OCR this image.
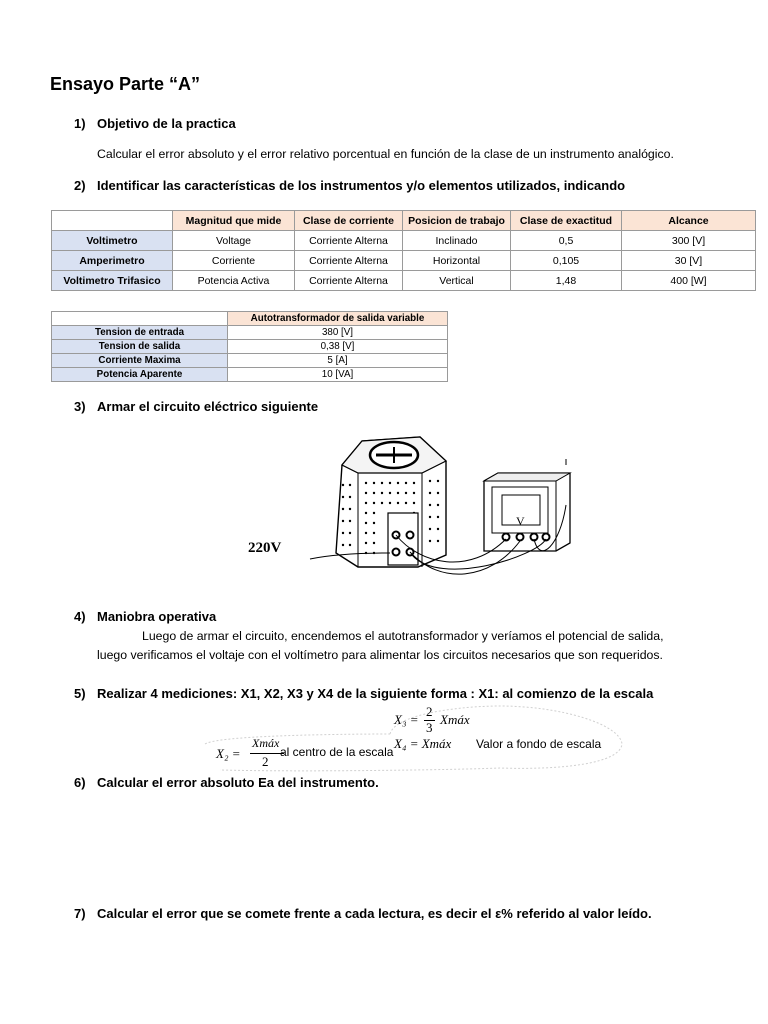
Ensayo Parte “A”
1) Objetivo de la practica
Calcular el error absoluto y el error relativo porcentual en función de la clase de un instrumento analógico.
2) Identificar las características de los instrumentos y/o elementos utilizados, indicando
	Magnitud que mide	Clase de corriente	Posicion de trabajo	Clase de exactitud	Alcance
Voltimetro	Voltage	Corriente Alterna	Inclinado	0,5	300 [V]
Amperimetro	Corriente	Corriente Alterna	Horizontal	0,105	30 [V]
Voltimetro Trifasico	Potencia Activa	Corriente Alterna	Vertical	1,48	400 [W]
	Autotransformador de salida variable
Tension de entrada	380 [V]
Tension de salida	0,38 [V]
Corriente Maxima	5 [A]
Potencia Aparente	10 [VA]
3) Armar el circuito eléctrico siguiente
V
220V
4) Maniobra operativa
Luego de armar el circuito, encendemos el autotransformador y veríamos el potencial de salida,
luego verificamos el voltaje con el voltímetro para alimentar los circuitos necesarios que son requeridos.
5) Realizar 4 mediciones: X1, X2, X3 y X4 de la siguiente forma : X1: al comienzo de la escala
X₂ =
Xmáx
2
al centro de la escala
X₃ =
2
3
Xmáx
X₄ = Xmáx Valor a fondo de escala
6) Calcular el error absoluto Ea del instrumento.
7) Calcular el error que se comete frente a cada lectura, es decir el ε% referido al valor leído.
